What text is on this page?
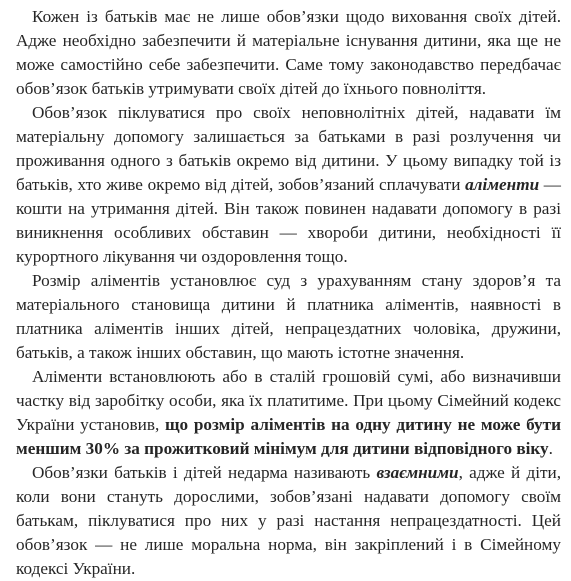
Кожен із батьків має не лише обов’язки щодо виховання своїх дітей. Адже необхідно забезпечити й матеріальне існування дитини, яка ще не може самостійно себе забезпечити. Саме тому законодавство передбачає обов’язок батьків утримувати своїх дітей до їхнього повноліття.

Обов’язок піклуватися про своїх неповнолітніх дітей, надавати їм матеріальну допомогу залишається за батьками в разі розлучення чи проживання одного з батьків окремо від дитини. У цьому випадку той із батьків, хто живе окремо від дітей, зобов’язаний сплачувати аліменти — кошти на утримання дітей. Він також повинен надавати допомогу в разі виникнення особливих обставин — хвороби дитини, необхідності її курортного лікування чи оздоровлення тощо.

Розмір аліментів установлює суд з урахуванням стану здоров’я та матеріального становища дитини й платника аліментів, наявності в платника аліментів інших дітей, непрацездатних чоловіка, дружини, батьків, а також інших обставин, що мають істотне значення.

Аліменти встановлюють або в сталій грошовій сумі, або визначивши частку від заробітку особи, яка їх платитиме. При цьому Сімейний кодекс України установив, що розмір аліментів на одну дитину не може бути меншим 30% за прожитковий мінімум для дитини відповідного віку.

Обов’язки батьків і дітей недарма називають взаємними, адже й діти, коли вони стануть дорослими, зобов’язані надавати допомогу своїм батькам, піклуватися про них у разі настання непрацездатності. Цей обов’язок — не лише моральна норма, він закріплений і в Сімейному кодексі України.
